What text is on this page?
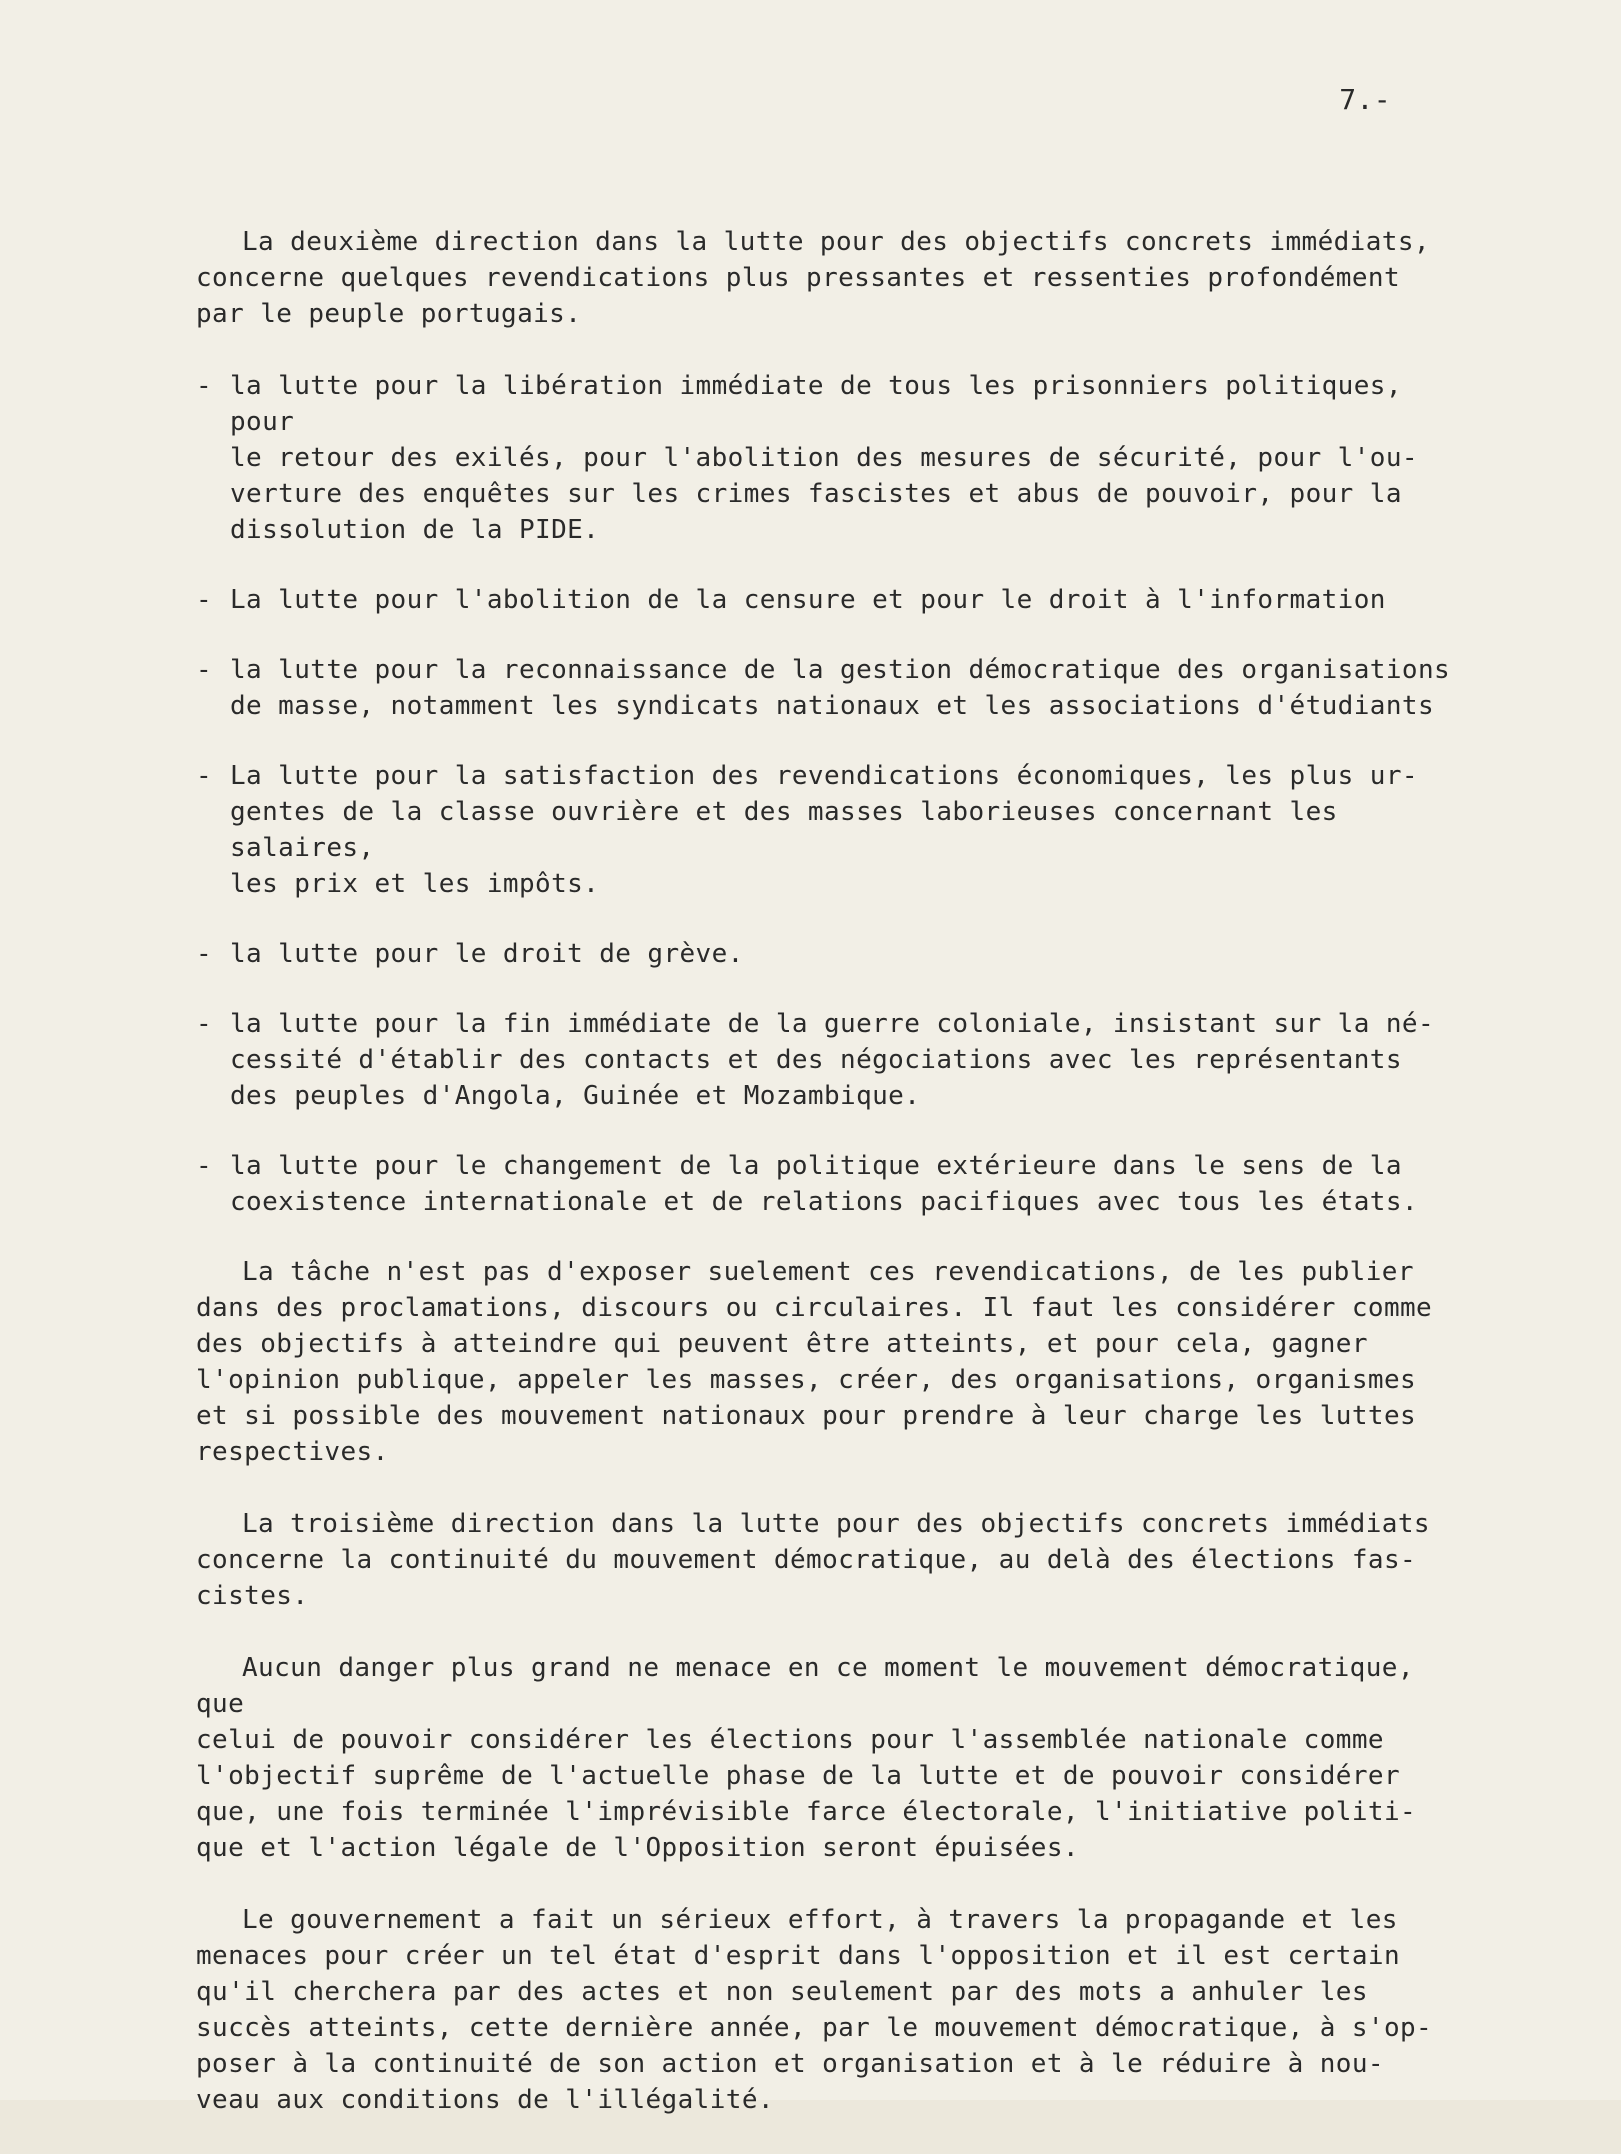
7.-

La deuxième direction dans la lutte pour des objectifs concrets immédiats,
concerne quelques revendications plus pressantes et ressenties profondément
par le peuple portugais.

- la lutte pour la libération immédiate de tous les prisonniers politiques, pour
le retour des exilés, pour l'abolition des mesures de sécurité, pour l'ou-
verture des enquêtes sur les crimes fascistes et abus de pouvoir, pour la
dissolution de la PIDE.
- La lutte pour l'abolition de la censure et pour le droit à l'information
- la lutte pour la reconnaissance de la gestion démocratique des organisations
de masse, notamment les syndicats nationaux et les associations d'étudiants
- La lutte pour la satisfaction des revendications économiques, les plus ur-
gentes de la classe ouvrière et des masses laborieuses concernant les salaires,
les prix et les impôts.
- la lutte pour le droit de grève.
- la lutte pour la fin immédiate de la guerre coloniale, insistant sur la né-
cessité d'établir des contacts et des négociations avec les représentants
des peuples d'Angola, Guinée et Mozambique.
- la lutte pour le changement de la politique extérieure dans le sens de la
coexistence internationale et de relations pacifiques avec tous les états.

La tâche n'est pas d'exposer suelement ces revendications, de les publier
dans des proclamations, discours ou circulaires. Il faut les considérer comme
des objectifs à atteindre qui peuvent être atteints, et pour cela, gagner
l'opinion publique, appeler les masses, créer, des organisations, organismes
et si possible des mouvement nationaux pour prendre à leur charge les luttes
respectives.

La troisième direction dans la lutte pour des objectifs concrets immédiats
concerne la continuité du mouvement démocratique, au delà des élections fas-
cistes.

Aucun danger plus grand ne menace en ce moment le mouvement démocratique, que
celui de pouvoir considérer les élections pour l'assemblée nationale comme
l'objectif suprême de l'actuelle phase de la lutte et de pouvoir considérer
que, une fois terminée l'imprévisible farce électorale, l'initiative politi-
que et l'action légale de l'Opposition seront épuisées.

Le gouvernement a fait un sérieux effort, à travers la propagande et les
menaces pour créer un tel état d'esprit dans l'opposition et il est certain
qu'il cherchera par des actes et non seulement par des mots a anhuler les
succès atteints, cette dernière année, par le mouvement démocratique, à s'op-
poser à la continuité de son action et organisation et à le réduire à nou-
veau aux conditions de l'illégalité.
